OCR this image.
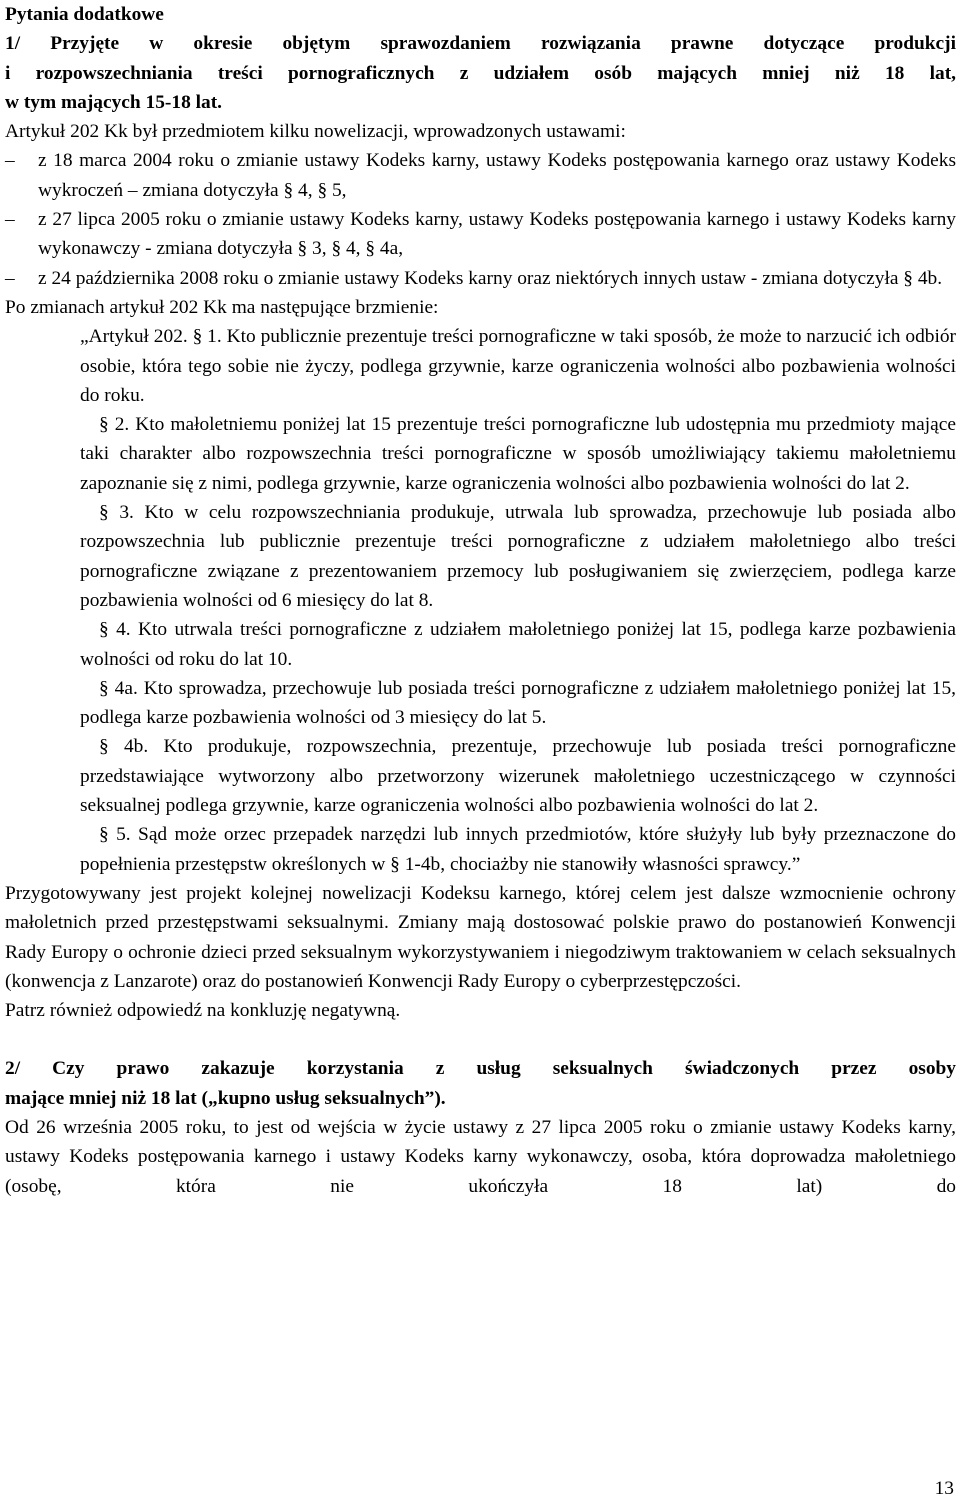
Pytania dodatkowe
1/ Przyjęte w okresie objętym sprawozdaniem rozwiązania prawne dotyczące produkcji
i rozpowszechniania treści pornograficznych z udziałem osób mających mniej niż 18 lat,
w tym mających 15-18 lat.
Artykuł 202 Kk był przedmiotem kilku nowelizacji, wprowadzonych ustawami:
–	z 18 marca 2004 roku o zmianie ustawy Kodeks karny, ustawy Kodeks postępowania karnego oraz ustawy Kodeks wykroczeń – zmiana dotyczyła § 4, § 5,
–	z 27 lipca 2005 roku o zmianie ustawy Kodeks karny, ustawy Kodeks postępowania karnego i ustawy Kodeks karny wykonawczy - zmiana dotyczyła § 3, § 4, § 4a,
–	z 24 października 2008 roku o zmianie ustawy Kodeks karny oraz niektórych innych ustaw - zmiana dotyczyła § 4b.
Po zmianach artykuł 202 Kk ma następujące brzmienie:
„Artykuł 202. § 1. Kto publicznie prezentuje treści pornograficzne w taki sposób, że może to narzucić ich odbiór osobie, która tego sobie nie życzy, podlega grzywnie, karze ograniczenia wolności albo pozbawienia wolności do roku.
§ 2. Kto małoletniemu poniżej lat 15 prezentuje treści pornograficzne lub udostępnia mu przedmioty mające taki charakter albo rozpowszechnia treści pornograficzne w sposób umożliwiający takiemu małoletniemu zapoznanie się z nimi, podlega grzywnie, karze ograniczenia wolności albo pozbawienia wolności do lat 2.
§ 3. Kto w celu rozpowszechniania produkuje, utrwala lub sprowadza, przechowuje lub posiada albo rozpowszechnia lub publicznie prezentuje treści pornograficzne z udziałem małoletniego albo treści pornograficzne związane z prezentowaniem przemocy lub posługiwaniem się zwierzęciem, podlega karze pozbawienia wolności od 6 miesięcy do lat 8.
§ 4. Kto utrwala treści pornograficzne z udziałem małoletniego poniżej lat 15, podlega karze pozbawienia wolności od roku do lat 10.
§ 4a. Kto sprowadza, przechowuje lub posiada treści pornograficzne z udziałem małoletniego poniżej lat 15, podlega karze pozbawienia wolności od 3 miesięcy do lat 5.
§ 4b. Kto produkuje, rozpowszechnia, prezentuje, przechowuje lub posiada treści pornograficzne przedstawiające wytworzony albo przetworzony wizerunek małoletniego uczestniczącego w czynności seksualnej podlega grzywnie, karze ograniczenia wolności albo pozbawienia wolności do lat 2.
§ 5. Sąd może orzec przepadek narzędzi lub innych przedmiotów, które służyły lub były przeznaczone do popełnienia przestępstw określonych w § 1-4b, chociażby nie stanowiły własności sprawcy.”
Przygotowywany jest projekt kolejnej nowelizacji Kodeksu karnego, której celem jest dalsze wzmocnienie ochrony małoletnich przed przestępstwami seksualnymi. Zmiany mają dostosować polskie prawo do postanowień Konwencji Rady Europy o ochronie dzieci przed seksualnym wykorzystywaniem i niegodziwym traktowaniem w celach seksualnych (konwencja z Lanzarote) oraz do postanowień Konwencji Rady Europy o cyberprzestępczości.
Patrz również odpowiedź na konkluzję negatywną.
2/ Czy prawo zakazuje korzystania z usług seksualnych świadczonych przez osoby
mające mniej niż 18 lat („kupno usług seksualnych”).
Od 26 września 2005 roku, to jest od wejścia w życie ustawy z 27 lipca 2005 roku o zmianie ustawy Kodeks karny, ustawy Kodeks postępowania karnego i ustawy Kodeks karny wykonawczy, osoba, która doprowadza małoletniego (osobę, która nie ukończyła 18 lat) do
13
